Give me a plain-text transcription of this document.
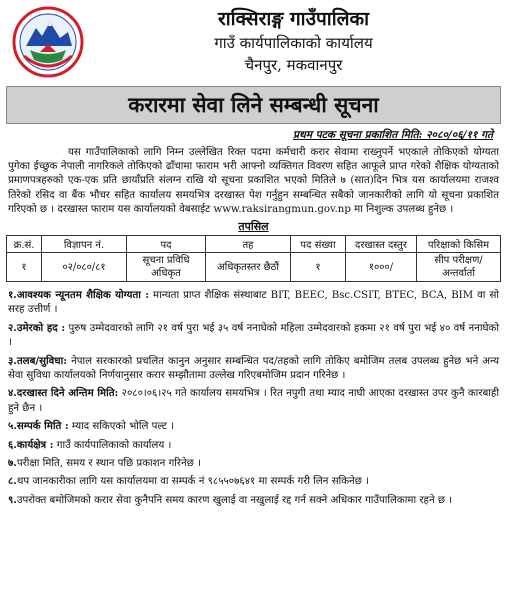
राक्सिराङ्ग गाउँपालिका
गाउँ कार्यपालिकाको कार्यालय
चैनपुर, मकवानपुर
करारमा सेवा लिने सम्बन्धी सूचना
प्रथम पटक सूचना प्रकाशित मिति: २०८०/०६/११ गते
यस गाउँपालिकाको लागि निम्न उल्लेखित रिक्त पदमा कर्मचारी करार सेवामा राख्नुपर्ने भएकाले तोकिएको योग्यता पुगेका ईच्छुक नेपाली नागरिकले तोकिएको ढाँचामा फाराम भरी आफ्नो व्यक्तिगत विवरण सहित आफूले प्राप्त गरेको शैक्षिक योग्यताको प्रमाणपत्रहरुको एक-एक प्रति छायाँप्रति संलग्न राखि यो सूचना प्रकाशित भएको मितिले ७ (सात)दिन भित्र यस कार्यालयमा राजश्व तिरेको रसिद वा बैंक भौचर सहित कार्यालय समयभित्र दरखास्त पेश गर्नुहुन सम्बन्धित सबैको जानकारीको लागि यो सूचना प्रकाशित गरिएको छ । दरखास्त फाराम यस कार्यालयको वेबसाईट www.raksirangmun.gov.np मा निशुल्क उपलब्ध हुनेछ ।
तपसिल
क्र.सं.	विज्ञापन नं.	पद	तह	पद संख्या	दरखास्त दस्तुर	परिक्षाको किसिम
१	०२/०८०/८१	सूचना प्रविधि अधिकृत	अधिकृतस्तर छैठौं	१	१०००/	सीप परीक्षण/अन्तर्वार्ता
१.आवश्यक न्यूनतम शैक्षिक योग्यता : मान्यता प्राप्त शैक्षिक संस्थाबाट BIT, BEEC, Bsc.CSIT, BTEC, BCA, BIM वा सो सरह उत्तीर्ण ।
२.उमेरको हद : पुरुष उम्मेदवारको लागि २१ वर्ष पुरा भई ३५ वर्ष ननाघेको महिला उम्मेदवारको हकमा २१ वर्ष पुरा भई ४० वर्ष ननाघेको ।
३.तलब/सुविधा: नेपाल सरकारको प्रचलित कानुन अनुसार सम्बन्धित पद/तहको लागि तोकिए बमोजिम तलब उपलब्ध हुनेछ भने अन्य सेवा सुविधा कार्यालयको निर्णयानुसार करार सम्झौतामा उल्लेख गरिएबमोजिम प्रदान गरिनेछ ।
४.दरखास्त दिने अन्तिम मिति: २०८०।०६।२५ गते कार्यालय समयभित्र । रित नपुगी तथा म्याद नाघी आएका दरखास्त उपर कुनै कारबाही हुने छैन ।
५.सम्पर्क मिति : म्याद सकिएको भोलि पल्ट ।
६.कार्यक्षेत्र : गाउँ कार्यपालिकाको कार्यालय ।
७.परीक्षा मिति, समय र स्थान पछि प्रकाशन गरिनेछ ।
८.थप जानकारीका लागि यस कार्यालयमा वा सम्पर्क नं ९८५५०७६४१ मा सम्पर्क गरी लिन सकिनेछ ।
९.उपरोक्त बमोजिमको करार सेवा कुनैपनि समय कारण खुलाई वा नखुलाई रद्द गर्न सक्ने अधिकार गाउँपालिकामा रहने छ ।
